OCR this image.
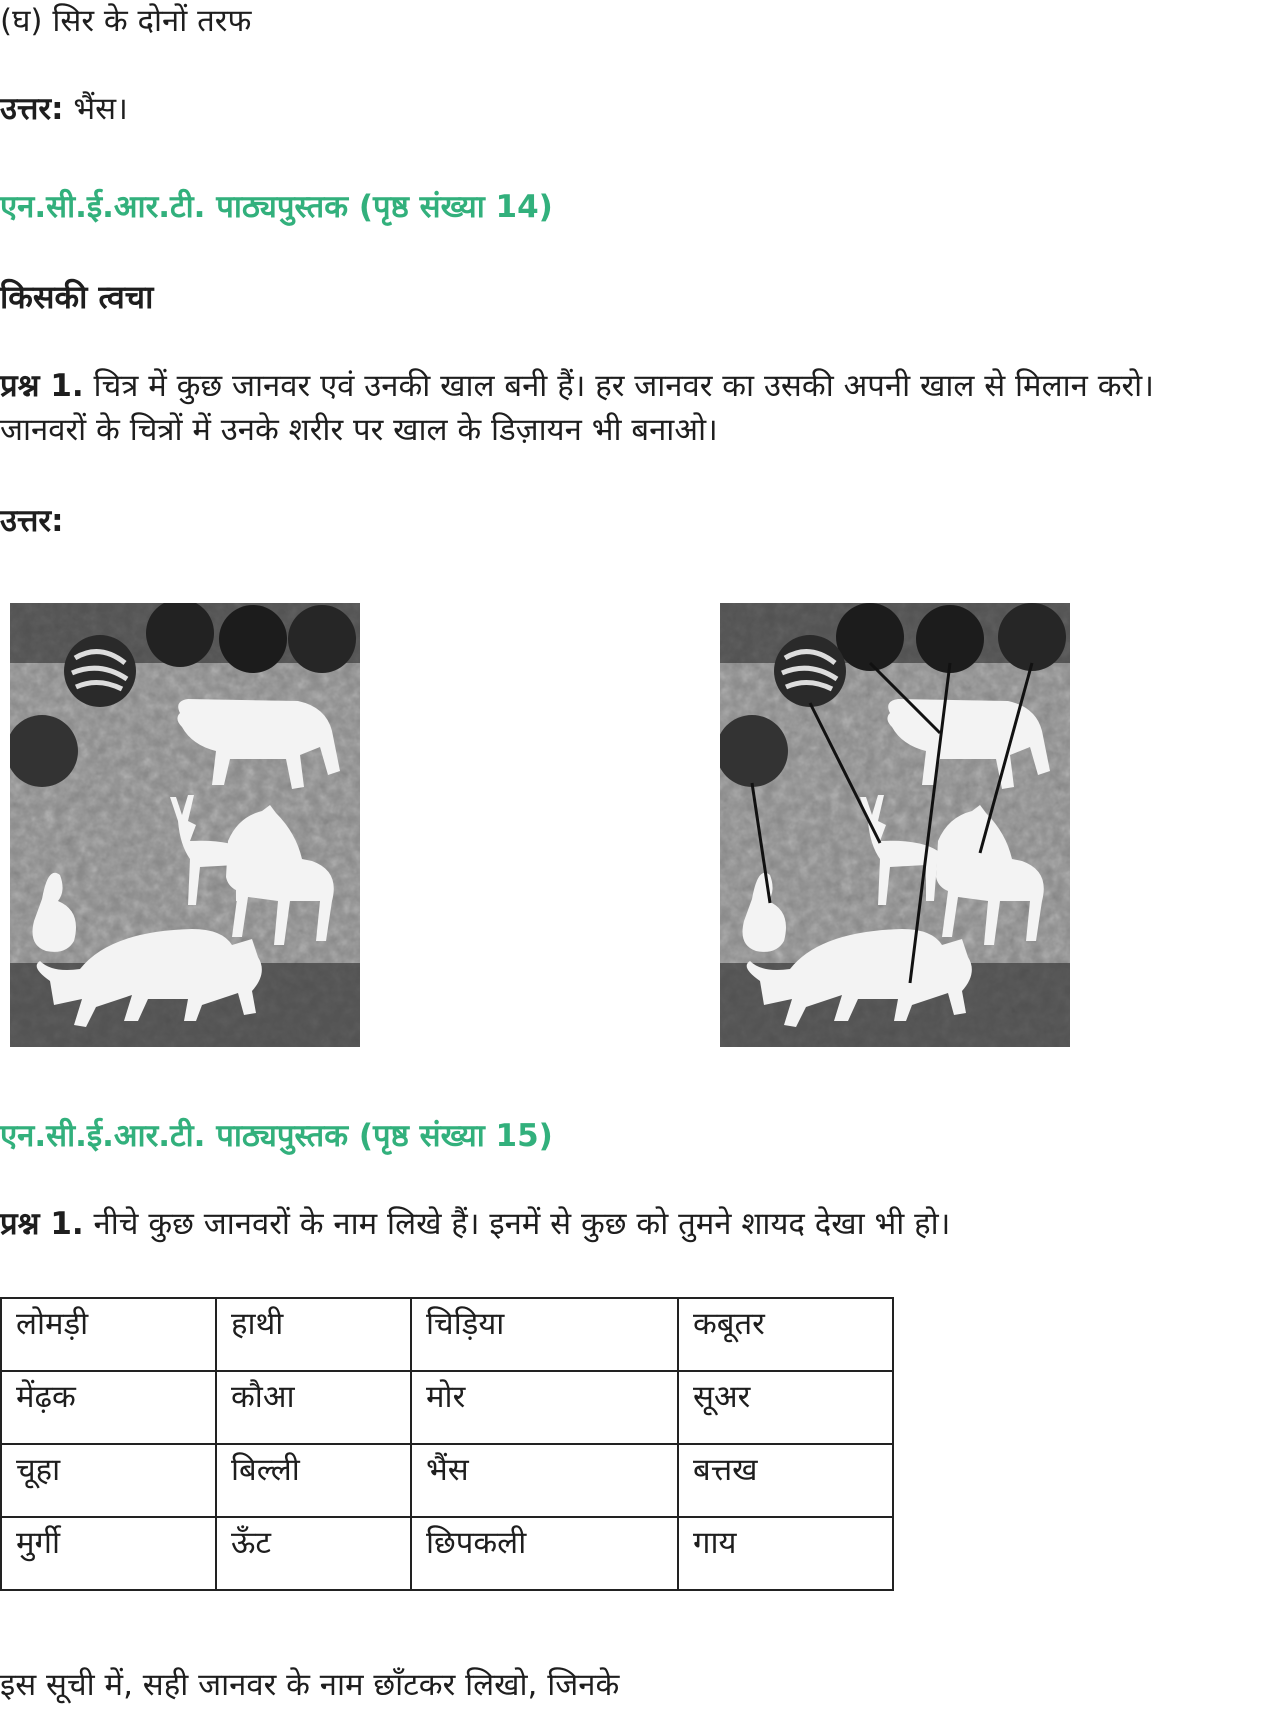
(घ) सिर के दोनों तरफ
उत्तर: भैंस।
एन.सी.ई.आर.टी. पाठ्यपुस्तक (पृष्ठ संख्या 14)
किसकी त्वचा
प्रश्न 1. चित्र में कुछ जानवर एवं उनकी खाल बनी हैं। हर जानवर का उसकी अपनी खाल से मिलान करो।
जानवरों के चित्रों में उनके शरीर पर खाल के डिज़ायन भी बनाओ।
उत्तर:
एन.सी.ई.आर.टी. पाठ्यपुस्तक (पृष्ठ संख्या 15)
प्रश्न 1. नीचे कुछ जानवरों के नाम लिखे हैं। इनमें से कुछ को तुमने शायद देखा भी हो।
लोमड़ी	हाथी	चिड़िया	कबूतर
मेंढ़क	कौआ	मोर	सूअर
चूहा	बिल्ली	भैंस	बत्तख
मुर्गी	ऊँट	छिपकली	गाय
इस सूची में, सही जानवर के नाम छाँटकर लिखो, जिनके
